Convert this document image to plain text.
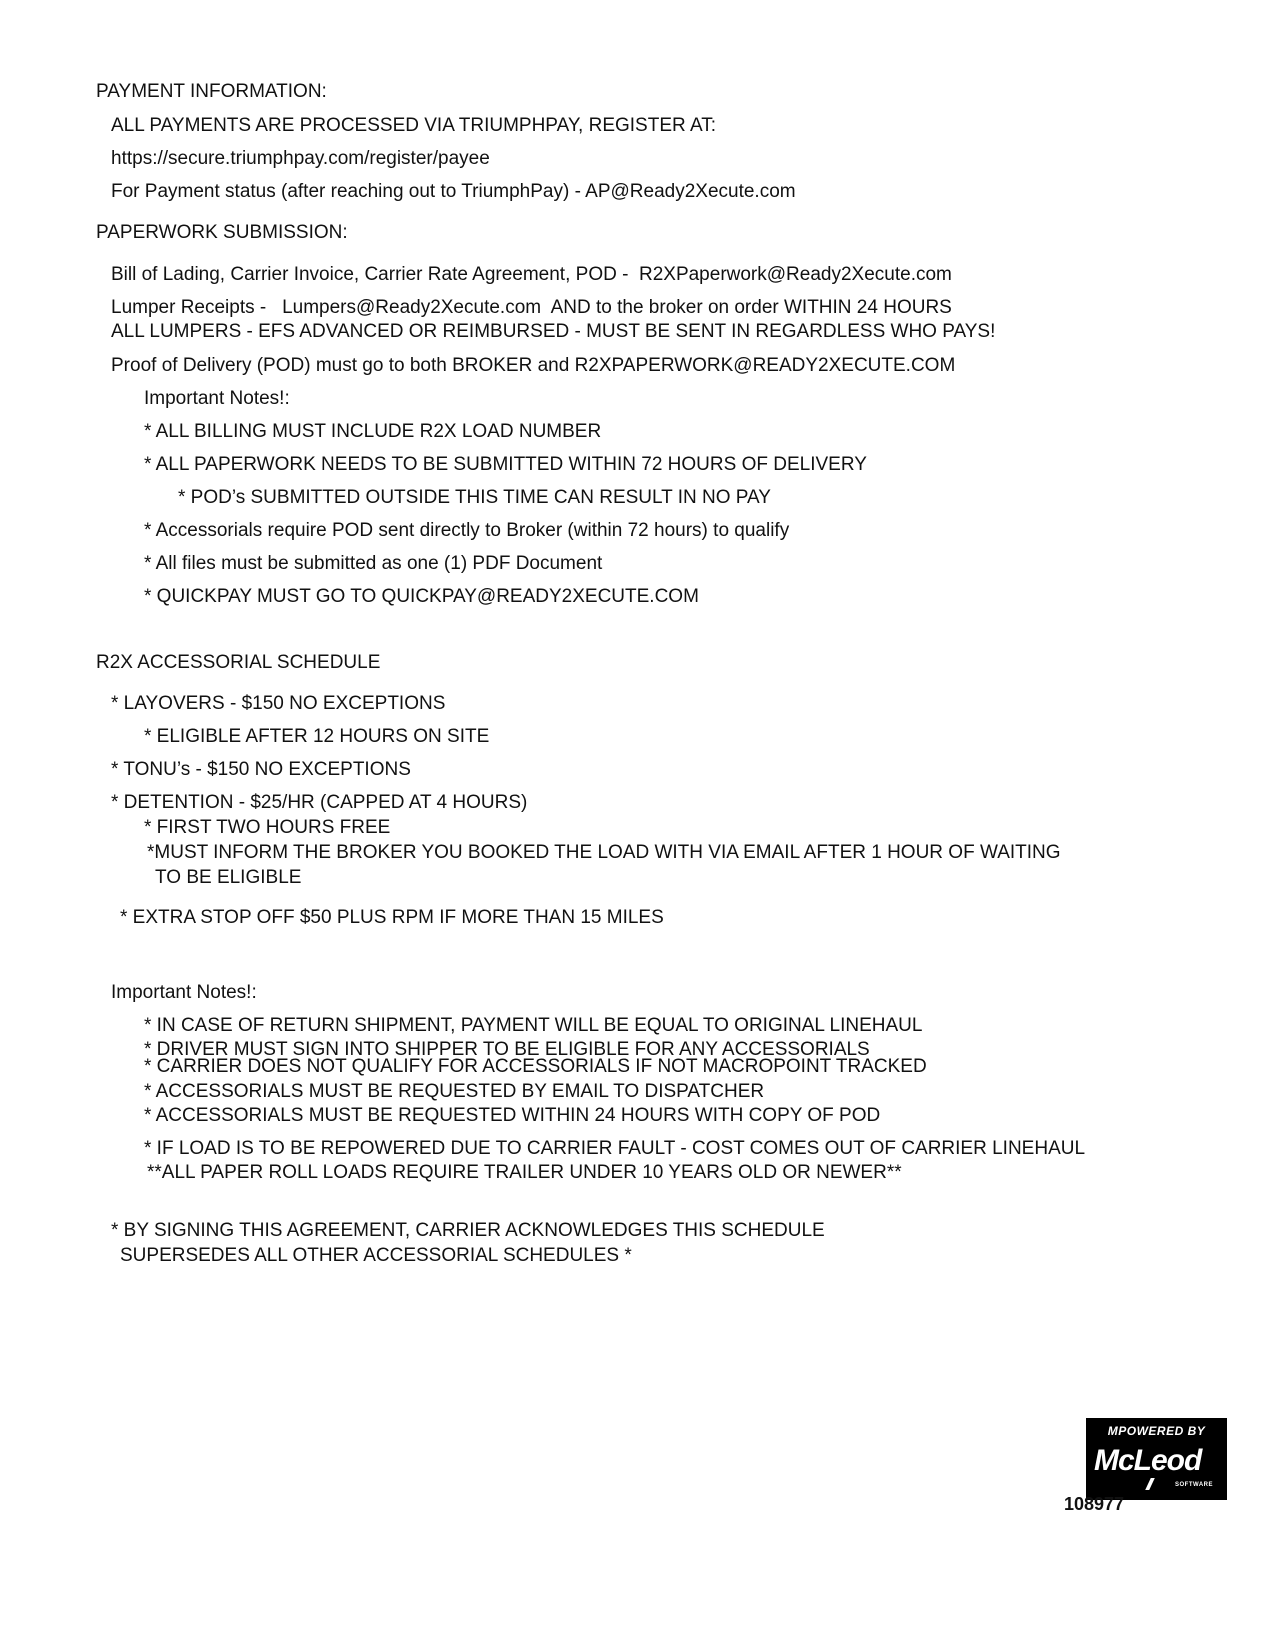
PAYMENT INFORMATION:
ALL PAYMENTS ARE PROCESSED VIA TRIUMPHPAY, REGISTER AT:
https://secure.triumphpay.com/register/payee
For Payment status (after reaching out to TriumphPay) - AP@Ready2Xecute.com
PAPERWORK SUBMISSION:
Bill of Lading, Carrier Invoice, Carrier Rate Agreement, POD -  R2XPaperwork@Ready2Xecute.com
Lumper Receipts -   Lumpers@Ready2Xecute.com  AND to the broker on order WITHIN 24 HOURS
ALL LUMPERS - EFS ADVANCED OR REIMBURSED - MUST BE SENT IN REGARDLESS WHO PAYS!
Proof of Delivery (POD) must go to both BROKER and R2XPAPERWORK@READY2XECUTE.COM
Important Notes!:
* ALL BILLING MUST INCLUDE R2X LOAD NUMBER
* ALL PAPERWORK NEEDS TO BE SUBMITTED WITHIN 72 HOURS OF DELIVERY
* POD’s SUBMITTED OUTSIDE THIS TIME CAN RESULT IN NO PAY
* Accessorials require POD sent directly to Broker (within 72 hours) to qualify
* All files must be submitted as one (1) PDF Document
* QUICKPAY MUST GO TO QUICKPAY@READY2XECUTE.COM
R2X ACCESSORIAL SCHEDULE
* LAYOVERS - $150 NO EXCEPTIONS
* ELIGIBLE AFTER 12 HOURS ON SITE
* TONU’s - $150 NO EXCEPTIONS
* DETENTION - $25/HR (CAPPED AT 4 HOURS)
* FIRST TWO HOURS FREE
*MUST INFORM THE BROKER YOU BOOKED THE LOAD WITH VIA EMAIL AFTER 1 HOUR OF WAITING
TO BE ELIGIBLE
* EXTRA STOP OFF $50 PLUS RPM IF MORE THAN 15 MILES
Important Notes!:
* IN CASE OF RETURN SHIPMENT, PAYMENT WILL BE EQUAL TO ORIGINAL LINEHAUL
* DRIVER MUST SIGN INTO SHIPPER TO BE ELIGIBLE FOR ANY ACCESSORIALS
* CARRIER DOES NOT QUALIFY FOR ACCESSORIALS IF NOT MACROPOINT TRACKED
* ACCESSORIALS MUST BE REQUESTED BY EMAIL TO DISPATCHER
* ACCESSORIALS MUST BE REQUESTED WITHIN 24 HOURS WITH COPY OF POD
* IF LOAD IS TO BE REPOWERED DUE TO CARRIER FAULT - COST COMES OUT OF CARRIER LINEHAUL
**ALL PAPER ROLL LOADS REQUIRE TRAILER UNDER 10 YEARS OLD OR NEWER**
* BY SIGNING THIS AGREEMENT, CARRIER ACKNOWLEDGES THIS SCHEDULE
SUPERSEDES ALL OTHER ACCESSORIAL SCHEDULES *
MPOWERED BY
McLeod
SOFTWARE
108977
